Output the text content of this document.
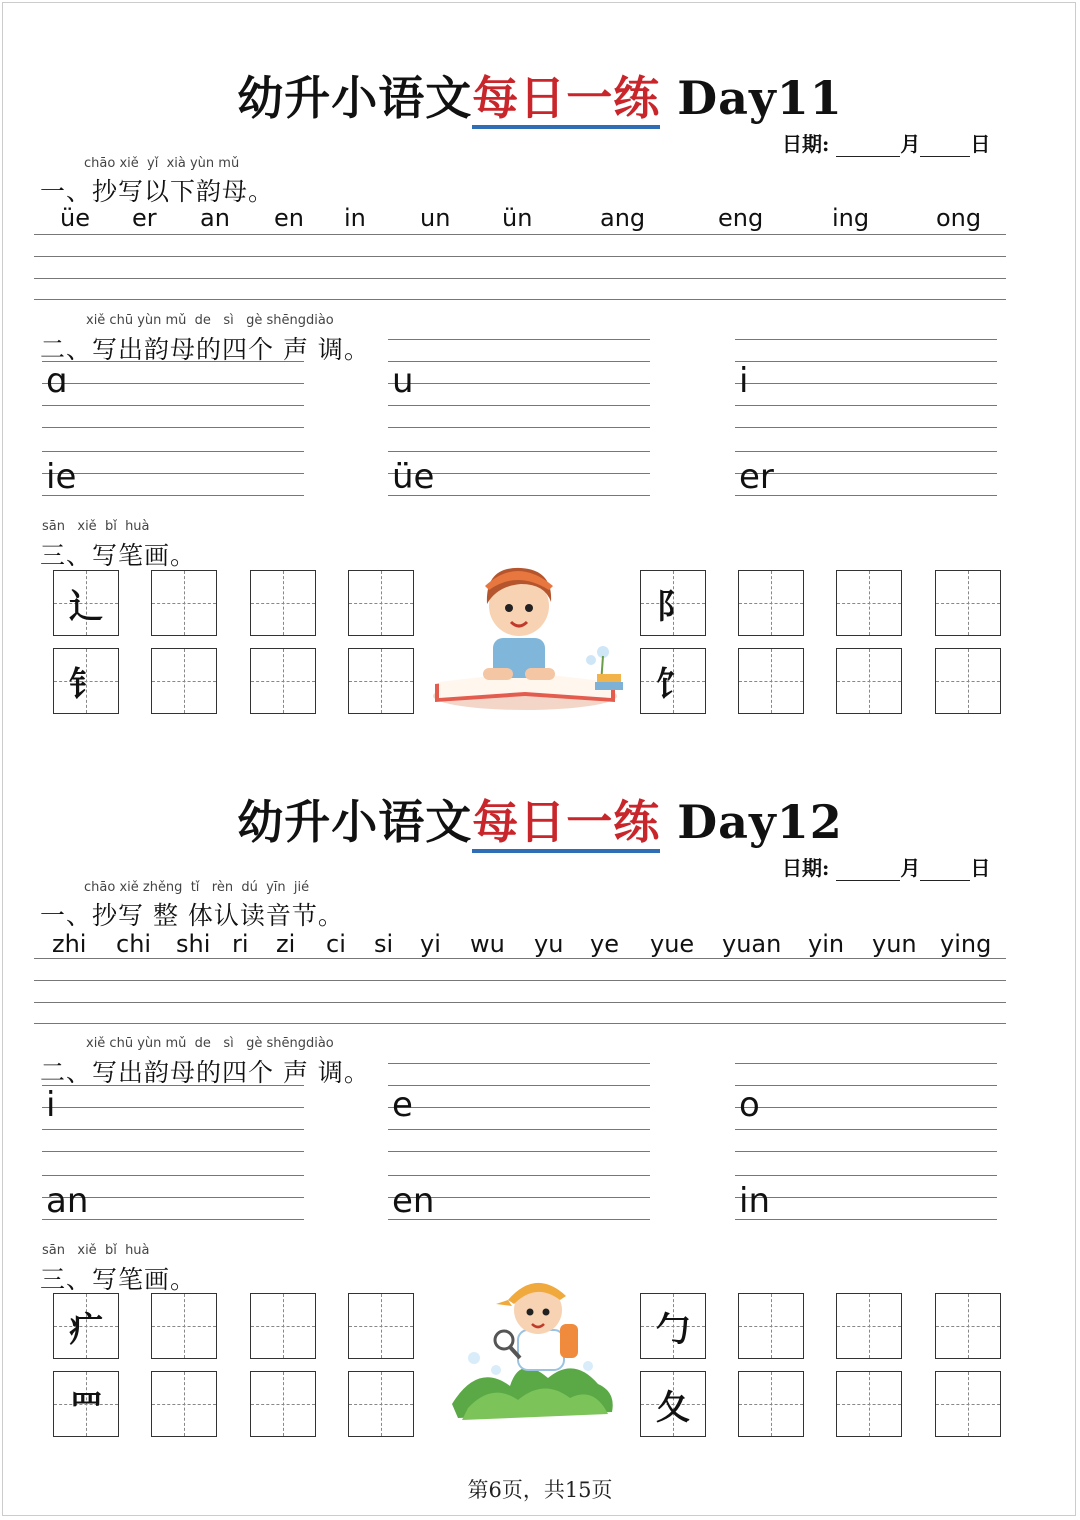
幼升小语文每日一练 Day11
日期:	月	日
chāo xiě  yǐ  xià yùn mǔ
一、抄写以下韵母。
üe er an en in un ün	ang	eng	ing	ong
xiě chū yùn mǔ  de   sì   gè shēngdiào
二、写出韵母的四个 声 调。
ɑ	u	i
ie	üe	er
sān   xiě  bǐ  huà
三、写笔画。
辶	阝
钅	饣
幼升小语文每日一练 Day12
日期:	月	日
chāo xiě zhěng  tǐ   rèn  dú  yīn  jié
一、抄写 整 体认读音节。
zhi chi shi ri zi ci si yi wu yu ye yue yuan yin yun ying
xiě chū yùn mǔ  de   sì   gè shēngdiào
二、写出韵母的四个 声 调。
i	e	o
an	en	in
sān   xiě  bǐ  huà
三、写笔画。
疒	勹
罒	夂
第6页，共15页
